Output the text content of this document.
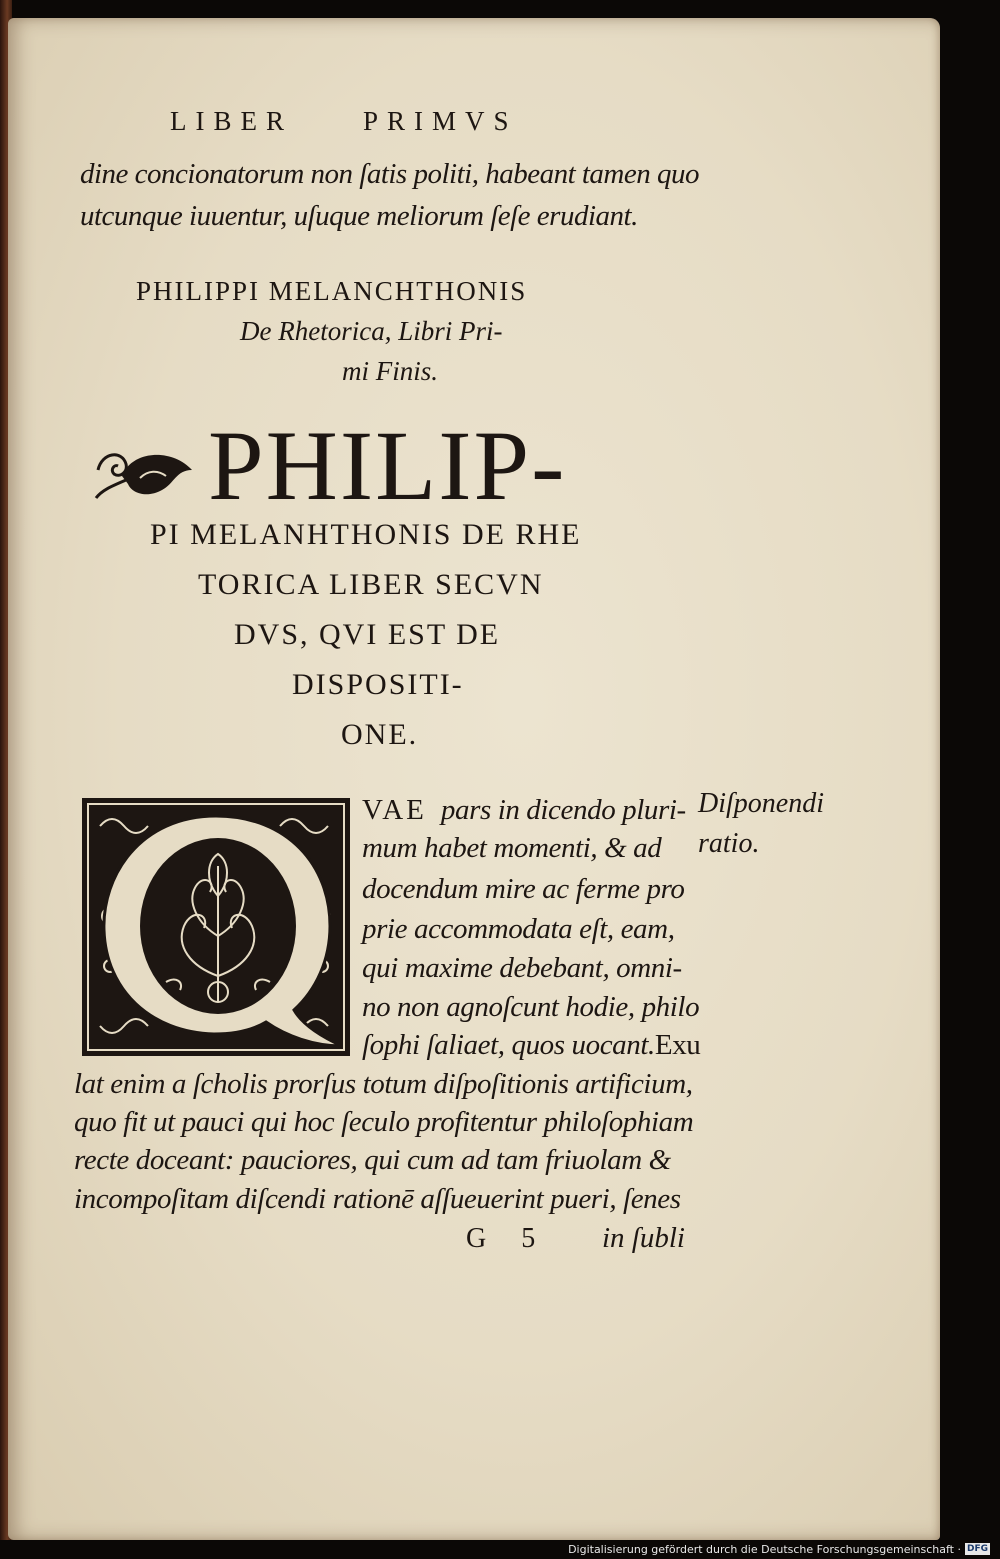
LIBER	PRIMVS
dine concionatorum non ſatis politi, habeant tamen quo
utcunque iuuentur, uſuque meliorum ſeſe erudiant.
PHILIPPI MELANCHTHONIS
De Rhetorica, Libri Pri-
mi Finis.
PHILIP-
PI MELANHTHONIS DE RHE
TORICA LIBER SECVN
DVS, QVI EST DE
DISPOSITI-
ONE.
VAE pars in dicendo pluri-
mum habet momenti, & ad
docendum mire ac ferme pro
prie accommodata eſt, eam,
qui maxime debebant, omni-
no non agnoſcunt hodie, philo
ſophi ſaliaet, quos uocant.Exu
lat enim a ſcholis prorſus totum diſpoſitionis artificium,
quo fit ut pauci qui hoc ſeculo profitentur philoſophiam
recte doceant: pauciores, qui cum ad tam friuolam &
incompoſitam diſcendi rationē aſſueuerint pueri, ſenes
G 5 in ſubli
Diſponendi
ratio.
Digitalisierung gefördert durch die Deutsche Forschungsgemeinschaft · DFG
